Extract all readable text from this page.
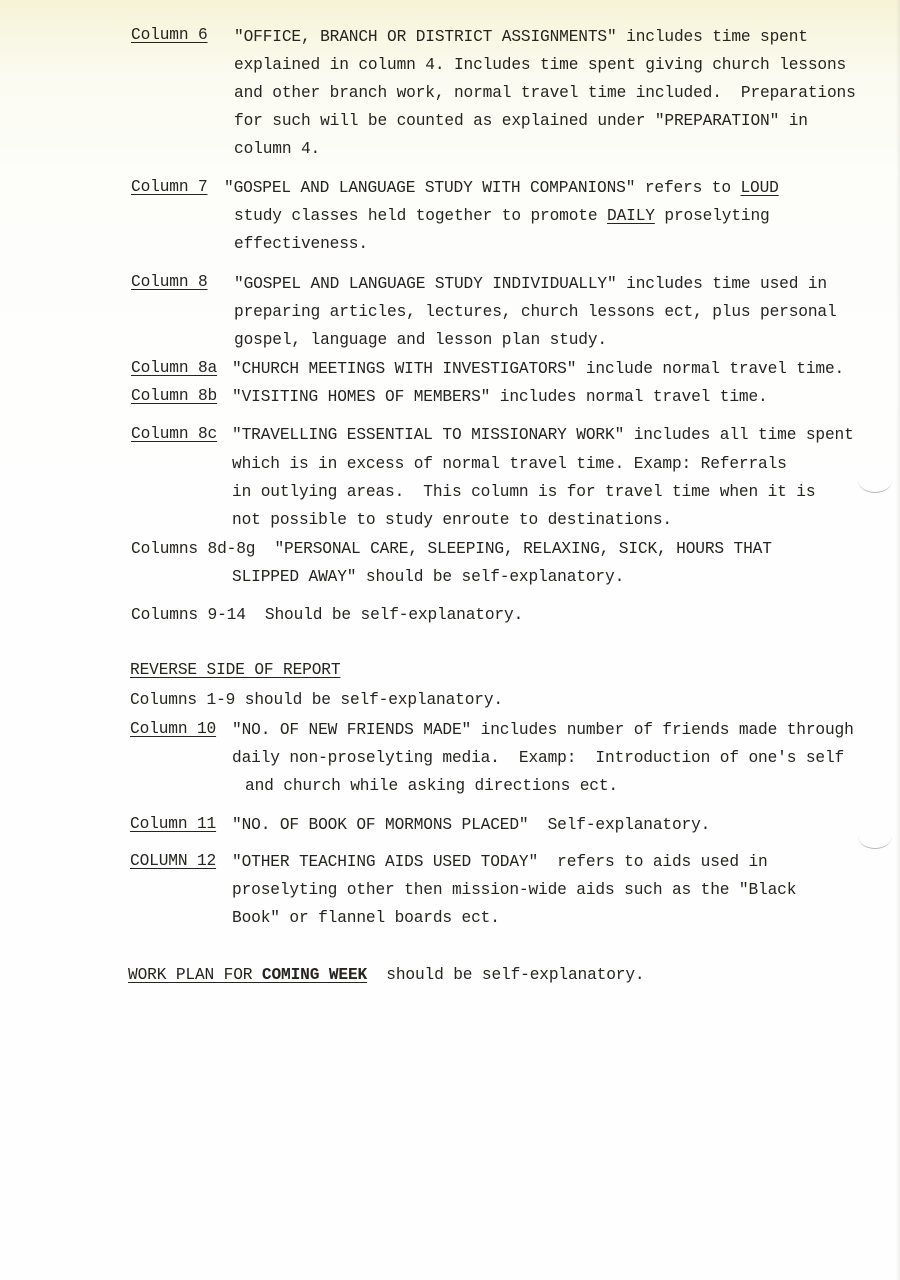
Column 6 "OFFICE, BRANCH OR DISTRICT ASSIGNMENTS" includes time spent
explained in column 4. Includes time spent giving church lessons
and other branch work, normal travel time included.  Preparations
for such will be counted as explained under "PREPARATION" in
column 4.
Column 7 "GOSPEL AND LANGUAGE STUDY WITH COMPANIONS" refers to LOUD
study classes held together to promote DAILY proselyting
effectiveness.
Column 8 "GOSPEL AND LANGUAGE STUDY INDIVIDUALLY" includes time used in
preparing articles, lectures, church lessons ect, plus personal
gospel, language and lesson plan study.
Column 8a "CHURCH MEETINGS WITH INVESTIGATORS" include normal travel time.
Column 8b "VISITING HOMES OF MEMBERS" includes normal travel time.
Column 8c "TRAVELLING ESSENTIAL TO MISSIONARY WORK" includes all time spent
which is in excess of normal travel time. Examp: Referrals
in outlying areas.  This column is for travel time when it is
not possible to study enroute to destinations.
Columns 8d-8g  "PERSONAL CARE, SLEEPING, RELAXING, SICK, HOURS THAT
SLIPPED AWAY" should be self-explanatory.
Columns 9-14  Should be self-explanatory.
REVERSE SIDE OF REPORT
Columns 1-9 should be self-explanatory.
Column 10 "NO. OF NEW FRIENDS MADE" includes number of friends made through
daily non-proselyting media.  Examp:  Introduction of one's self
and church while asking directions ect.
Column 11 "NO. OF BOOK OF MORMONS PLACED"  Self-explanatory.
COLUMN 12 "OTHER TEACHING AIDS USED TODAY"  refers to aids used in
proselyting other then mission-wide aids such as the "Black
Book" or flannel boards ect.
WORK PLAN FOR COMING WEEK  should be self-explanatory.
